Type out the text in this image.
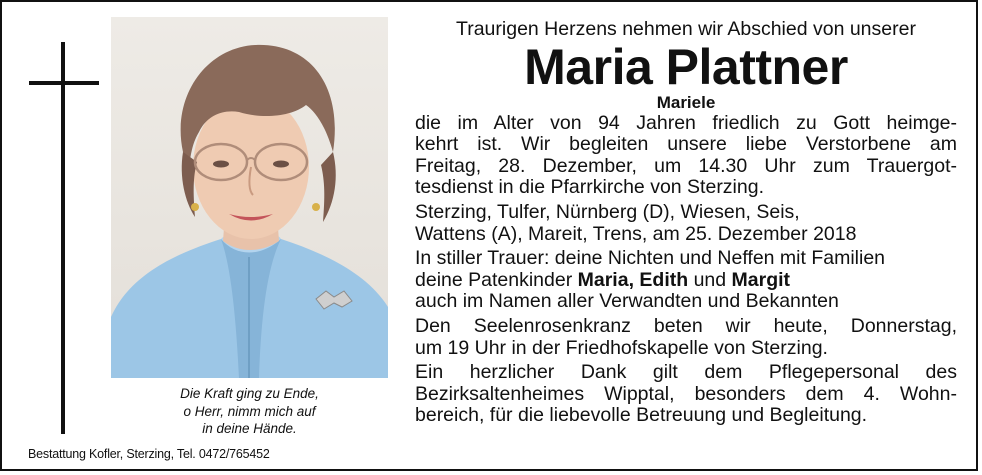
Die Kraft ging zu Ende,
o Herr, nimm mich auf
in deine Hände.
Bestattung Kofler, Sterzing, Tel. 0472/765452
Traurigen Herzens nehmen wir Abschied von unserer
Maria Plattner
Mariele
die im Alter von 94 Jahren friedlich zu Gott heimge-
kehrt ist. Wir begleiten unsere liebe Verstorbene am
Freitag, 28. Dezember, um 14.30 Uhr zum Trauergot-
tesdienst in die Pfarrkirche von Sterzing.
Sterzing, Tulfer, Nürnberg (D), Wiesen, Seis,
Wattens (A), Mareit, Trens, am 25. Dezember 2018
In stiller Trauer: deine Nichten und Neffen mit Familien
deine Patenkinder Maria, Edith und Margit
auch im Namen aller Verwandten und Bekannten
Den Seelenrosenkranz beten wir heute, Donnerstag,
um 19 Uhr in der Friedhofskapelle von Sterzing.
Ein herzlicher Dank gilt dem Pflegepersonal des
Bezirksaltenheimes Wipptal, besonders dem 4. Wohn-
bereich, für die liebevolle Betreuung und Begleitung.
